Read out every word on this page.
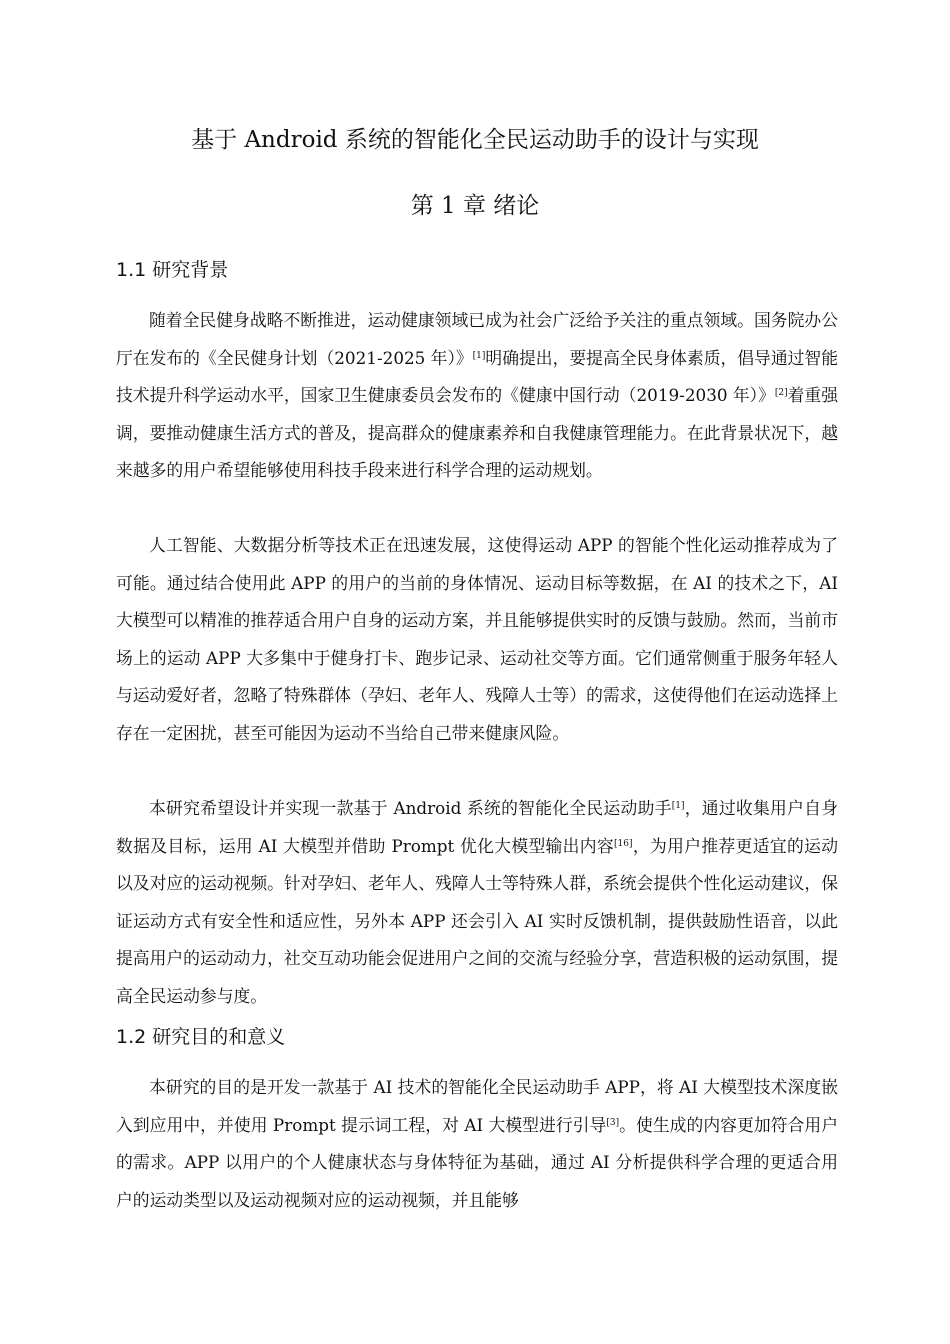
基于 Android 系统的智能化全民运动助手的设计与实现
第 1 章 绪论
1.1 研究背景

随着全民健身战略不断推进，运动健康领域已成为社会广泛给予关注的重点领域。国务院办公厅在发布的《全民健身计划（2021-2025 年）》[1]明确提出，要提高全民身体素质，倡导通过智能技术提升科学运动水平，国家卫生健康委员会发布的《健康中国行动（2019-2030 年）》[2]着重强调，要推动健康生活方式的普及，提高群众的健康素养和自我健康管理能力。在此背景状况下，越来越多的用户希望能够使用科技手段来进行科学合理的运动规划。

人工智能、大数据分析等技术正在迅速发展，这使得运动 APP 的智能个性化运动推荐成为了可能。通过结合使用此 APP 的用户的当前的身体情况、运动目标等数据，在 AI 的技术之下，AI 大模型可以精准的推荐适合用户自身的运动方案，并且能够提供实时的反馈与鼓励。然而，当前市场上的运动 APP 大多集中于健身打卡、跑步记录、运动社交等方面。它们通常侧重于服务年轻人与运动爱好者，忽略了特殊群体（孕妇、老年人、残障人士等）的需求，这使得他们在运动选择上存在一定困扰，甚至可能因为运动不当给自己带来健康风险。

本研究希望设计并实现一款基于 Android 系统的智能化全民运动助手[1]，通过收集用户自身数据及目标，运用 AI 大模型并借助 Prompt 优化大模型输出内容[16]，为用户推荐更适宜的运动以及对应的运动视频。针对孕妇、老年人、残障人士等特殊人群，系统会提供个性化运动建议，保证运动方式有安全性和适应性，另外本 APP 还会引入 AI 实时反馈机制，提供鼓励性语音，以此提高用户的运动动力，社交互动功能会促进用户之间的交流与经验分享，营造积极的运动氛围，提高全民运动参与度。

1.2 研究目的和意义

本研究的目的是开发一款基于 AI 技术的智能化全民运动助手 APP，将 AI 大模型技术深度嵌入到应用中，并使用 Prompt 提示词工程，对 AI 大模型进行引导[3]。使生成的内容更加符合用户的需求。APP 以用户的个人健康状态与身体特征为基础，通过 AI 分析提供科学合理的更适合用户的运动类型以及运动视频对应的运动视频，并且能够
